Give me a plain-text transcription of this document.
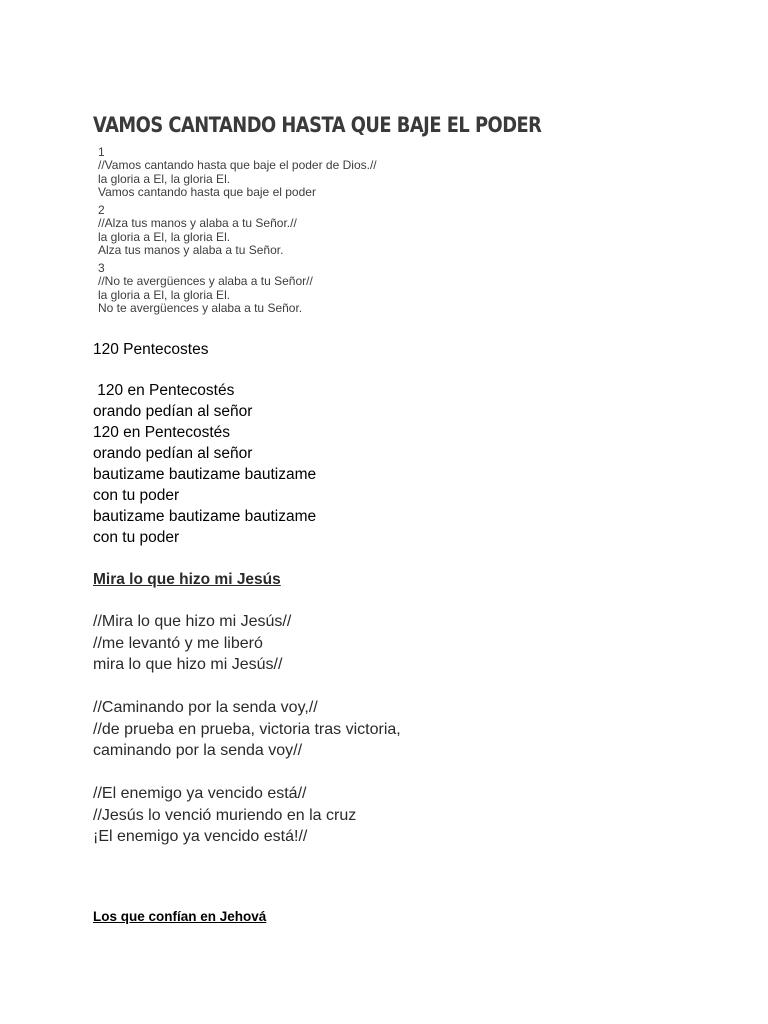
VAMOS CANTANDO HASTA QUE BAJE EL PODER
1
//Vamos cantando hasta que baje el poder de Dios.//
la gloria a El, la gloria El.
Vamos cantando hasta que baje el poder
2
//Alza tus manos y alaba a tu Señor.//
la gloria a El, la gloria El.
Alza tus manos y alaba a tu Señor.
3
//No te avergüences y alaba a tu Señor//
la gloria a El, la gloria El.
No te avergüences y alaba a tu Señor.
120 Pentecostes
120 en Pentecostés
orando pedían al señor
120 en Pentecostés
orando pedían al señor
bautizame bautizame bautizame
con tu poder
bautizame bautizame bautizame
con tu poder
Mira lo que hizo mi Jesús
//Mira lo que hizo mi Jesús//
//me levantó y me liberó
mira lo que hizo mi Jesús//
//Caminando por la senda voy,//
//de prueba en prueba, victoria tras victoria,
caminando por la senda voy//
//El enemigo ya vencido está//
//Jesús lo venció muriendo en la cruz
¡El enemigo ya vencido está!//
Los que confían en Jehová
